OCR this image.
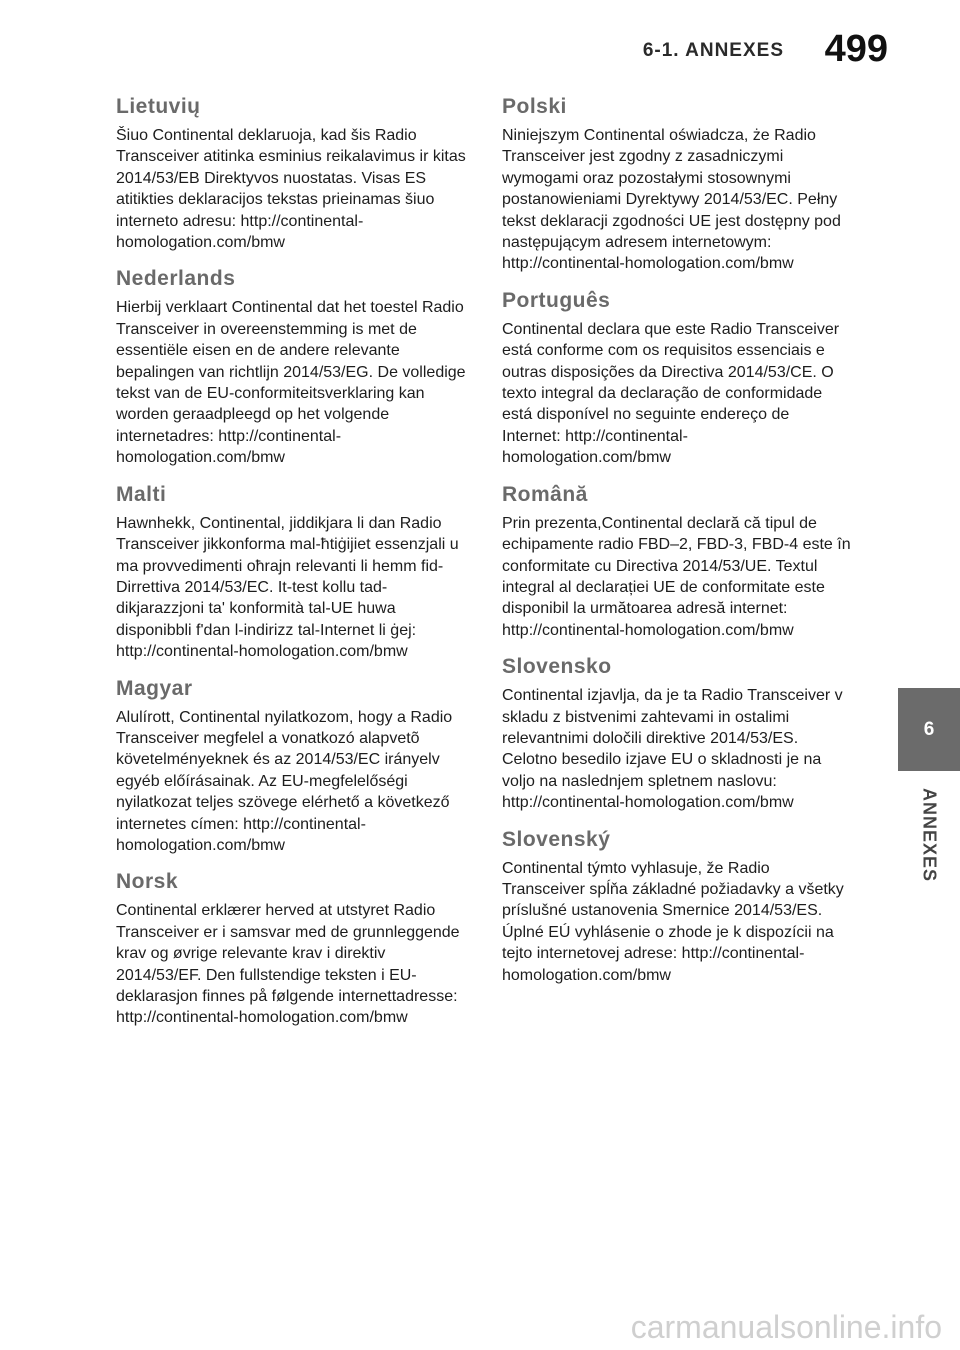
6-1. ANNEXES 499
Lietuvių

Šiuo Continental deklaruoja, kad šis Radio Transceiver atitinka esminius reikalavimus ir kitas 2014/53/EB Direktyvos nuostatas. Visas ES atitikties deklaracijos tekstas prieinamas šiuo interneto adresu: http://continental-homologation.com/bmw

Nederlands

Hierbij verklaart Continental dat het toestel Radio Transceiver in overeenstemming is met de essentiële eisen en de andere relevante bepalingen van richtlijn 2014/53/EG. De volledige tekst van de EU-conformiteitsverklaring kan worden geraadpleegd op het volgende internetadres: http://continental-homologation.com/bmw

Malti

Hawnhekk, Continental, jiddikjara li dan Radio Transceiver jikkonforma mal-ħtiġijiet essenzjali u ma provvedimenti oħrajn relevanti li hemm fid-Dirrettiva 2014/53/EC. It-test kollu tad-dikjarazzjoni ta' konformità tal-UE huwa disponibbli f'dan l-indirizz tal-Internet li ġej: http://continental-homologation.com/bmw

Magyar

Alulírott, Continental nyilatkozom, hogy a Radio Transceiver megfelel a vonatkozó alapvetõ követelményeknek és az 2014/53/EC irányelv egyéb előírásainak. Az EU-megfelelőségi nyilatkozat teljes szövege elérhető a következő internetes címen: http://continental-homologation.com/bmw

Norsk

Continental erklærer herved at utstyret Radio Transceiver er i samsvar med de grunnleggende krav og øvrige relevante krav i direktiv 2014/53/EF. Den fullstendige teksten i EU-deklarasjon finnes på følgende internettadresse: http://continental-homologation.com/bmw

Polski

Niniejszym Continental oświadcza, że Radio Transceiver jest zgodny z zasadniczymi wymogami oraz pozostałymi stosownymi postanowieniami Dyrektywy 2014/53/EC. Pełny tekst deklaracji zgodności UE jest dostępny pod następującym adresem internetowym: http://continental-homologation.com/bmw

Português

Continental declara que este Radio Transceiver está conforme com os requisitos essenciais e outras disposições da Directiva 2014/53/CE. O texto integral da declaração de conformidade está disponível no seguinte endereço de Internet: http://continental-homologation.com/bmw

Română

Prin prezenta,Continental declară că tipul de echipamente radio FBD–2, FBD-3, FBD-4 este în conformitate cu Directiva 2014/53/UE. Textul integral al declarației UE de conformitate este disponibil la următoarea adresă internet: http://continental-homologation.com/bmw

Slovensko

Continental izjavlja, da je ta Radio Transceiver v skladu z bistvenimi zahtevami in ostalimi relevantnimi določili direktive 2014/53/ES. Celotno besedilo izjave EU o skladnosti je na voljo na naslednjem spletnem naslovu: http://continental-homologation.com/bmw

Slovenský

Continental týmto vyhlasuje, že Radio Transceiver spĺňa základné požiadavky a všetky príslušné ustanovenia Smernice 2014/53/ES. Úplné EÚ vyhlásenie o zhode je k dispozícii na tejto internetovej adrese: http://continental-homologation.com/bmw

6
ANNEXES
carmanualsonline.info
